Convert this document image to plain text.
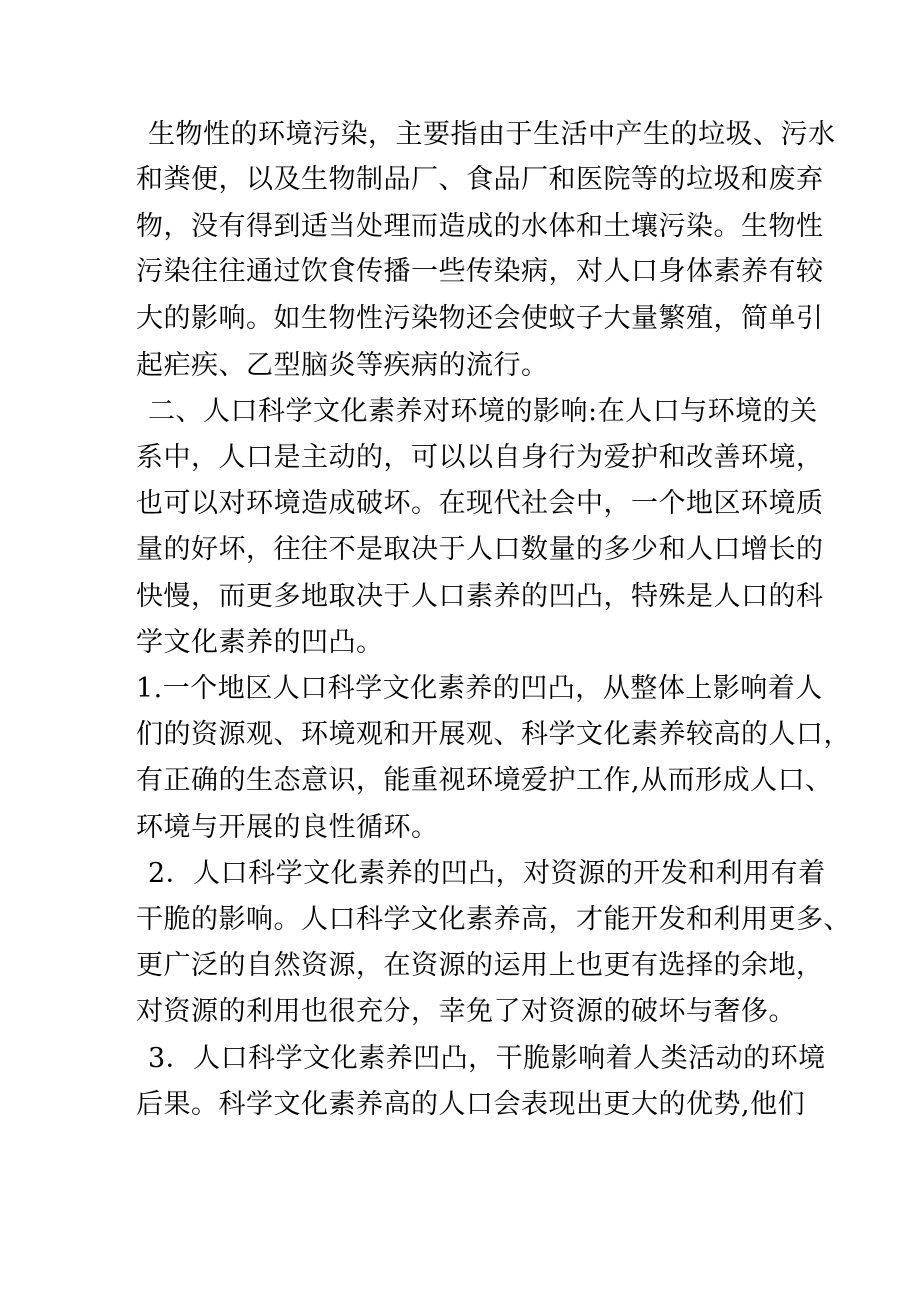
生物性的环境污染，主要指由于生活中产生的垃圾、污水
和粪便，以及生物制品厂、食品厂和医院等的垃圾和废弃
物，没有得到适当处理而造成的水体和土壤污染。生物性
污染往往通过饮食传播一些传染病，对人口身体素养有较
大的影响。如生物性污染物还会使蚊子大量繁殖，简单引
起疟疾、乙型脑炎等疾病的流行。
二、人口科学文化素养对环境的影响:在人口与环境的关
系中，人口是主动的，可以以自身行为爱护和改善环境，
也可以对环境造成破坏。在现代社会中，一个地区环境质
量的好坏，往往不是取决于人口数量的多少和人口增长的
快慢，而更多地取决于人口素养的凹凸，特殊是人口的科
学文化素养的凹凸。
1.一个地区人口科学文化素养的凹凸，从整体上影响着人
们的资源观、环境观和开展观、科学文化素养较高的人口，
有正确的生态意识，能重视环境爱护工作,从而形成人口、
环境与开展的良性循环。
2．人口科学文化素养的凹凸，对资源的开发和利用有着
干脆的影响。人口科学文化素养高，才能开发和利用更多、
更广泛的自然资源，在资源的运用上也更有选择的余地，
对资源的利用也很充分，幸免了对资源的破坏与奢侈。
3．人口科学文化素养凹凸，干脆影响着人类活动的环境
后果。科学文化素养高的人口会表现出更大的优势,他们
